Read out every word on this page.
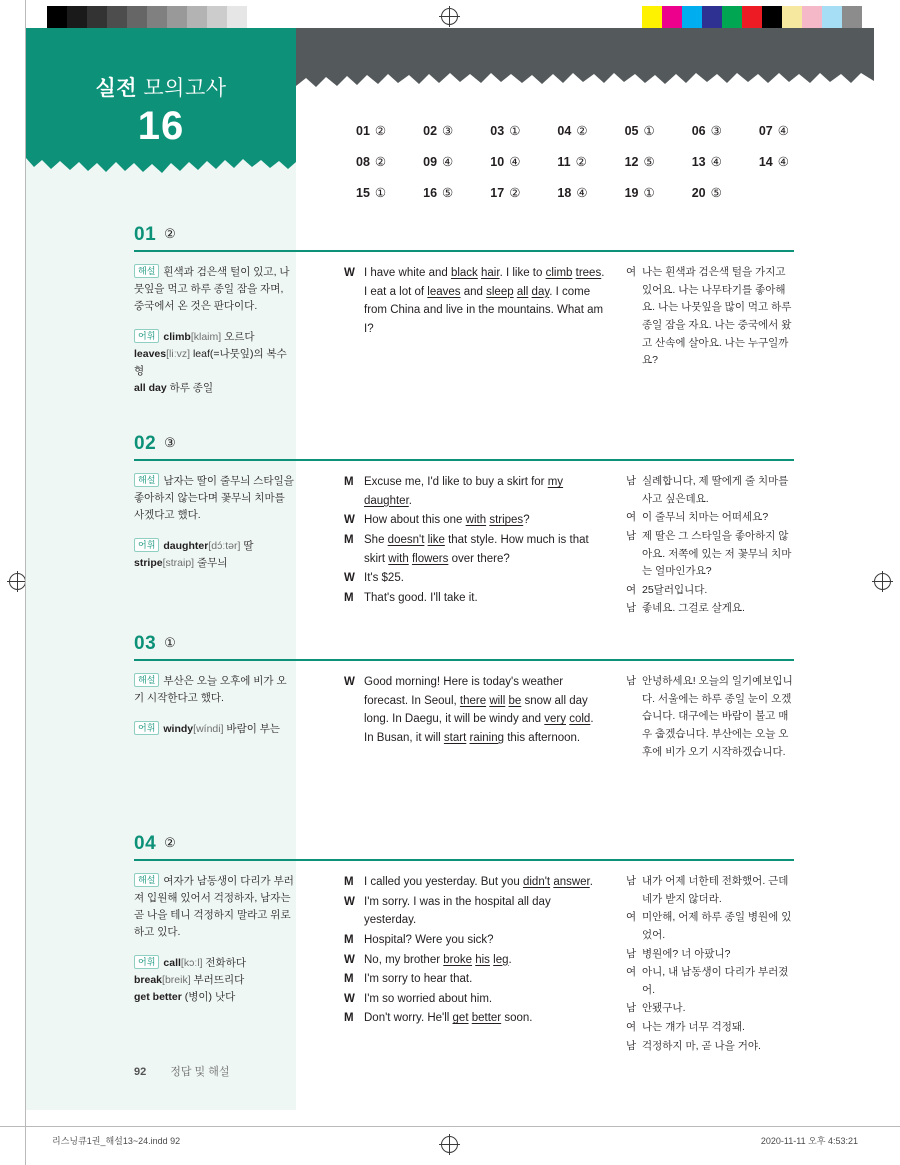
실전 모의고사
16
p. 148
01 ②	02 ③	03 ①	04 ②	05 ①	06 ③	07 ④
08 ②	09 ④	10 ④	11 ②	12 ⑤	13 ④	14 ④
15 ①	16 ⑤	17 ②	18 ④	19 ①	20 ⑤
01 ②
해설 흰색과 검은색 털이 있고, 나뭇잎을 먹고 하루 종일 잠을 자며, 중국에서 온 것은 판다이다.
어휘 climb[klaim] 오르다
leaves[liːvz] leaf(=나뭇잎)의 복수형
all day 하루 종일
W I have white and black hair. I like to climb trees. I eat a lot of leaves and sleep all day. I come from China and live in the mountains. What am I?
여 나는 흰색과 검은색 털을 가지고 있어요. 나는 나무타기를 좋아해요. 나는 나뭇잎을 많이 먹고 하루 종일 잠을 자요. 나는 중국에서 왔고 산속에 살아요. 나는 누구일까요?
02 ③
해설 남자는 딸이 줄무늬 스타일을 좋아하지 않는다며 꽃무늬 치마를 사겠다고 했다.
어휘 daughter[dɔ́ːtər] 딸
stripe[straip] 줄무늬
M Excuse me, I'd like to buy a skirt for my daughter.
W How about this one with stripes?
M She doesn't like that style. How much is that skirt with flowers over there?
W It's $25.
M That's good. I'll take it.
남 실례합니다, 제 딸에게 줄 치마를 사고 싶은데요.
여 이 줄무늬 치마는 어떠세요?
남 제 딸은 그 스타일을 좋아하지 않아요. 저쪽에 있는 저 꽃무늬 치마는 얼마인가요?
여 25달러입니다.
남 좋네요. 그걸로 살게요.
03 ①
해설 부산은 오늘 오후에 비가 오기 시작한다고 했다.
어휘 windy[wíndi] 바람이 부는
W Good morning! Here is today's weather forecast. In Seoul, there will be snow all day long. In Daegu, it will be windy and very cold. In Busan, it will start raining this afternoon.
남 안녕하세요! 오늘의 일기예보입니다. 서울에는 하루 종일 눈이 오겠습니다. 대구에는 바람이 불고 매우 춥겠습니다. 부산에는 오늘 오후에 비가 오기 시작하겠습니다.
04 ②
해설 여자가 남동생이 다리가 부러져 입원해 있어서 걱정하자, 남자는 곧 나을 테니 걱정하지 말라고 위로하고 있다.
어휘 call[kɔːl] 전화하다
break[breik] 부러뜨리다
get better (병이) 낫다
M I called you yesterday. But you didn't answer.
W I'm sorry. I was in the hospital all day yesterday.
M Hospital? Were you sick?
W No, my brother broke his leg.
M I'm sorry to hear that.
W I'm so worried about him.
M Don't worry. He'll get better soon.
남 내가 어제 너한테 전화했어. 근데 네가 받지 않더라.
여 미안해, 어제 하루 종일 병원에 있었어.
남 병원에? 너 아팠니?
여 아니, 내 남동생이 다리가 부러졌어.
남 안됐구나.
여 나는 걔가 너무 걱정돼.
남 걱정하지 마, 곧 나을 거야.
92 정답 및 해설
리스닝큐1권_해설13~24.indd 92	2020-11-11 오후 4:53:21
